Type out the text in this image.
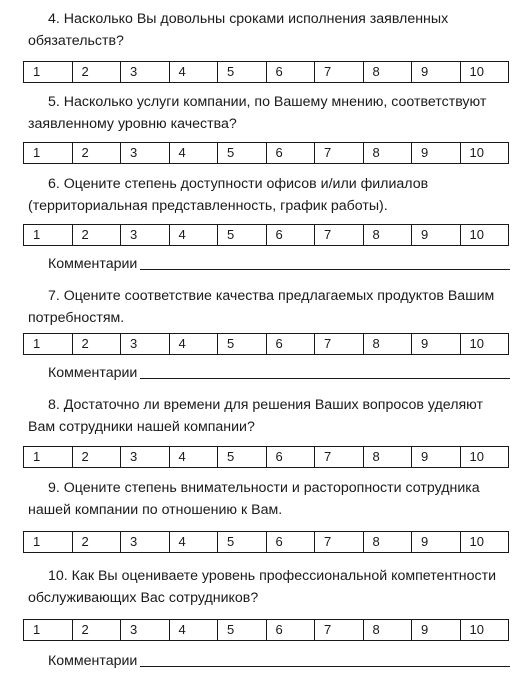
4. Насколько Вы довольны сроками исполнения заявленных обязательств?

1	2	3	4	5	6	7	8	9	10

5. Насколько услуги компании, по Вашему мнению, соответствуют заявленному уровню качества?

1	2	3	4	5	6	7	8	9	10

6. Оцените степень доступности офисов и/или филиалов (территориальная представленность, график работы).

1	2	3	4	5	6	7	8	9	10
Комментарии

7. Оцените соответствие качества предлагаемых продуктов Вашим потребностям.

1	2	3	4	5	6	7	8	9	10
Комментарии

8. Достаточно ли времени для решения Ваших вопросов уделяют Вам сотрудники нашей компании?

1	2	3	4	5	6	7	8	9	10

9. Оцените степень внимательности и расторопности сотрудника нашей компании по отношению к Вам.

1	2	3	4	5	6	7	8	9	10

10. Как Вы оцениваете уровень профессиональной компетентности обслуживающих Вас сотрудников?

1	2	3	4	5	6	7	8	9	10
Комментарии
